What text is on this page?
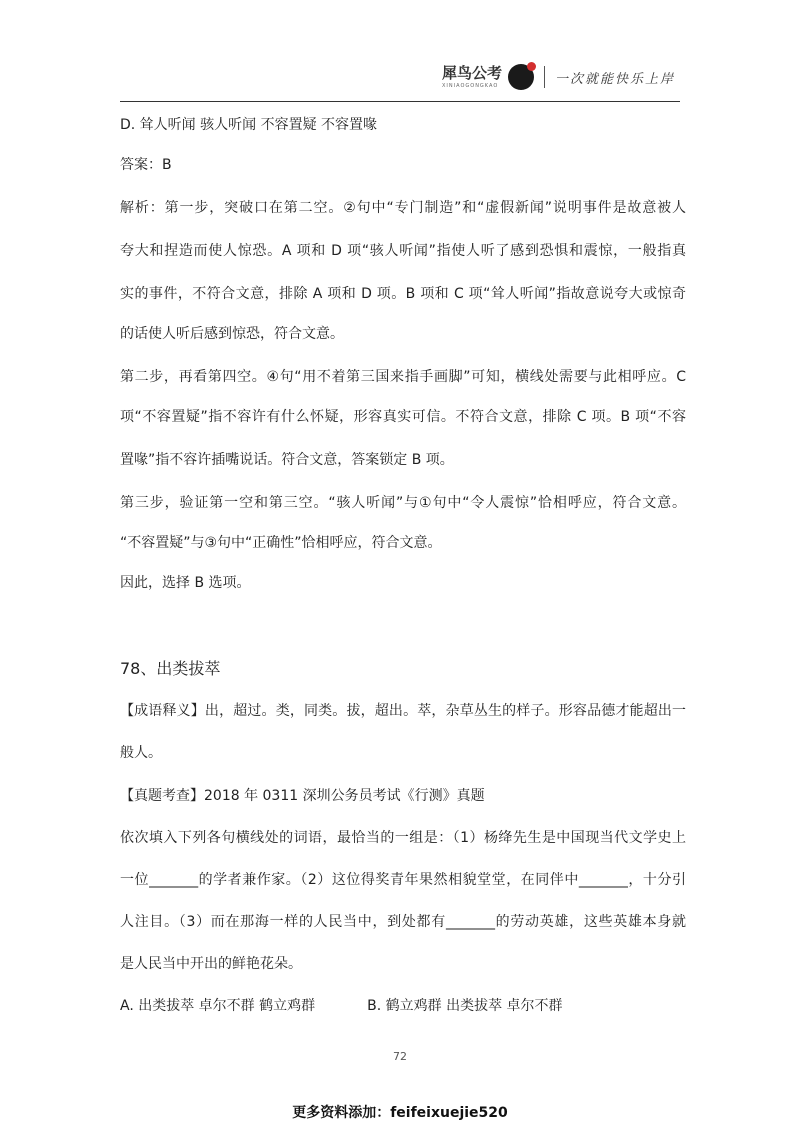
犀鸟公考
XINIAOGONGKAO	一次就能快乐上岸
D. 耸人听闻 骇人听闻 不容置疑 不容置喙
答案：B
解析：第一步，突破口在第二空。②句中“专门制造”和“虚假新闻”说明事件是故意被人
夸大和捏造而使人惊恐。A 项和 D 项“骇人听闻”指使人听了感到恐惧和震惊，一般指真
实的事件，不符合文意，排除 A 项和 D 项。B 项和 C 项“耸人听闻”指故意说夸大或惊奇
的话使人听后感到惊恐，符合文意。
第二步，再看第四空。④句“用不着第三国来指手画脚”可知，横线处需要与此相呼应。C
项“不容置疑”指不容许有什么怀疑，形容真实可信。不符合文意，排除 C 项。B 项“不容
置喙”指不容许插嘴说话。符合文意，答案锁定 B 项。
第三步，验证第一空和第三空。“骇人听闻”与①句中“令人震惊”恰相呼应，符合文意。
“不容置疑”与③句中“正确性”恰相呼应，符合文意。
因此，选择 B 选项。
78、出类拔萃
【成语释义】出，超过。类，同类。拔，超出。萃，杂草丛生的样子。形容品德才能超出一
般人。
【真题考查】2018 年 0311 深圳公务员考试《行测》真题
依次填入下列各句横线处的词语，最恰当的一组是：（1）杨绛先生是中国现当代文学史上
一位_______的学者兼作家。（2）这位得奖青年果然相貌堂堂，在同伴中_______，十分引
人注目。（3）而在那海一样的人民当中，到处都有_______的劳动英雄，这些英雄本身就
是人民当中开出的鲜艳花朵。
A. 出类拔萃 卓尔不群 鹤立鸡群	B. 鹤立鸡群 出类拔萃 卓尔不群
72
更多资料添加：feifeixuejie520
